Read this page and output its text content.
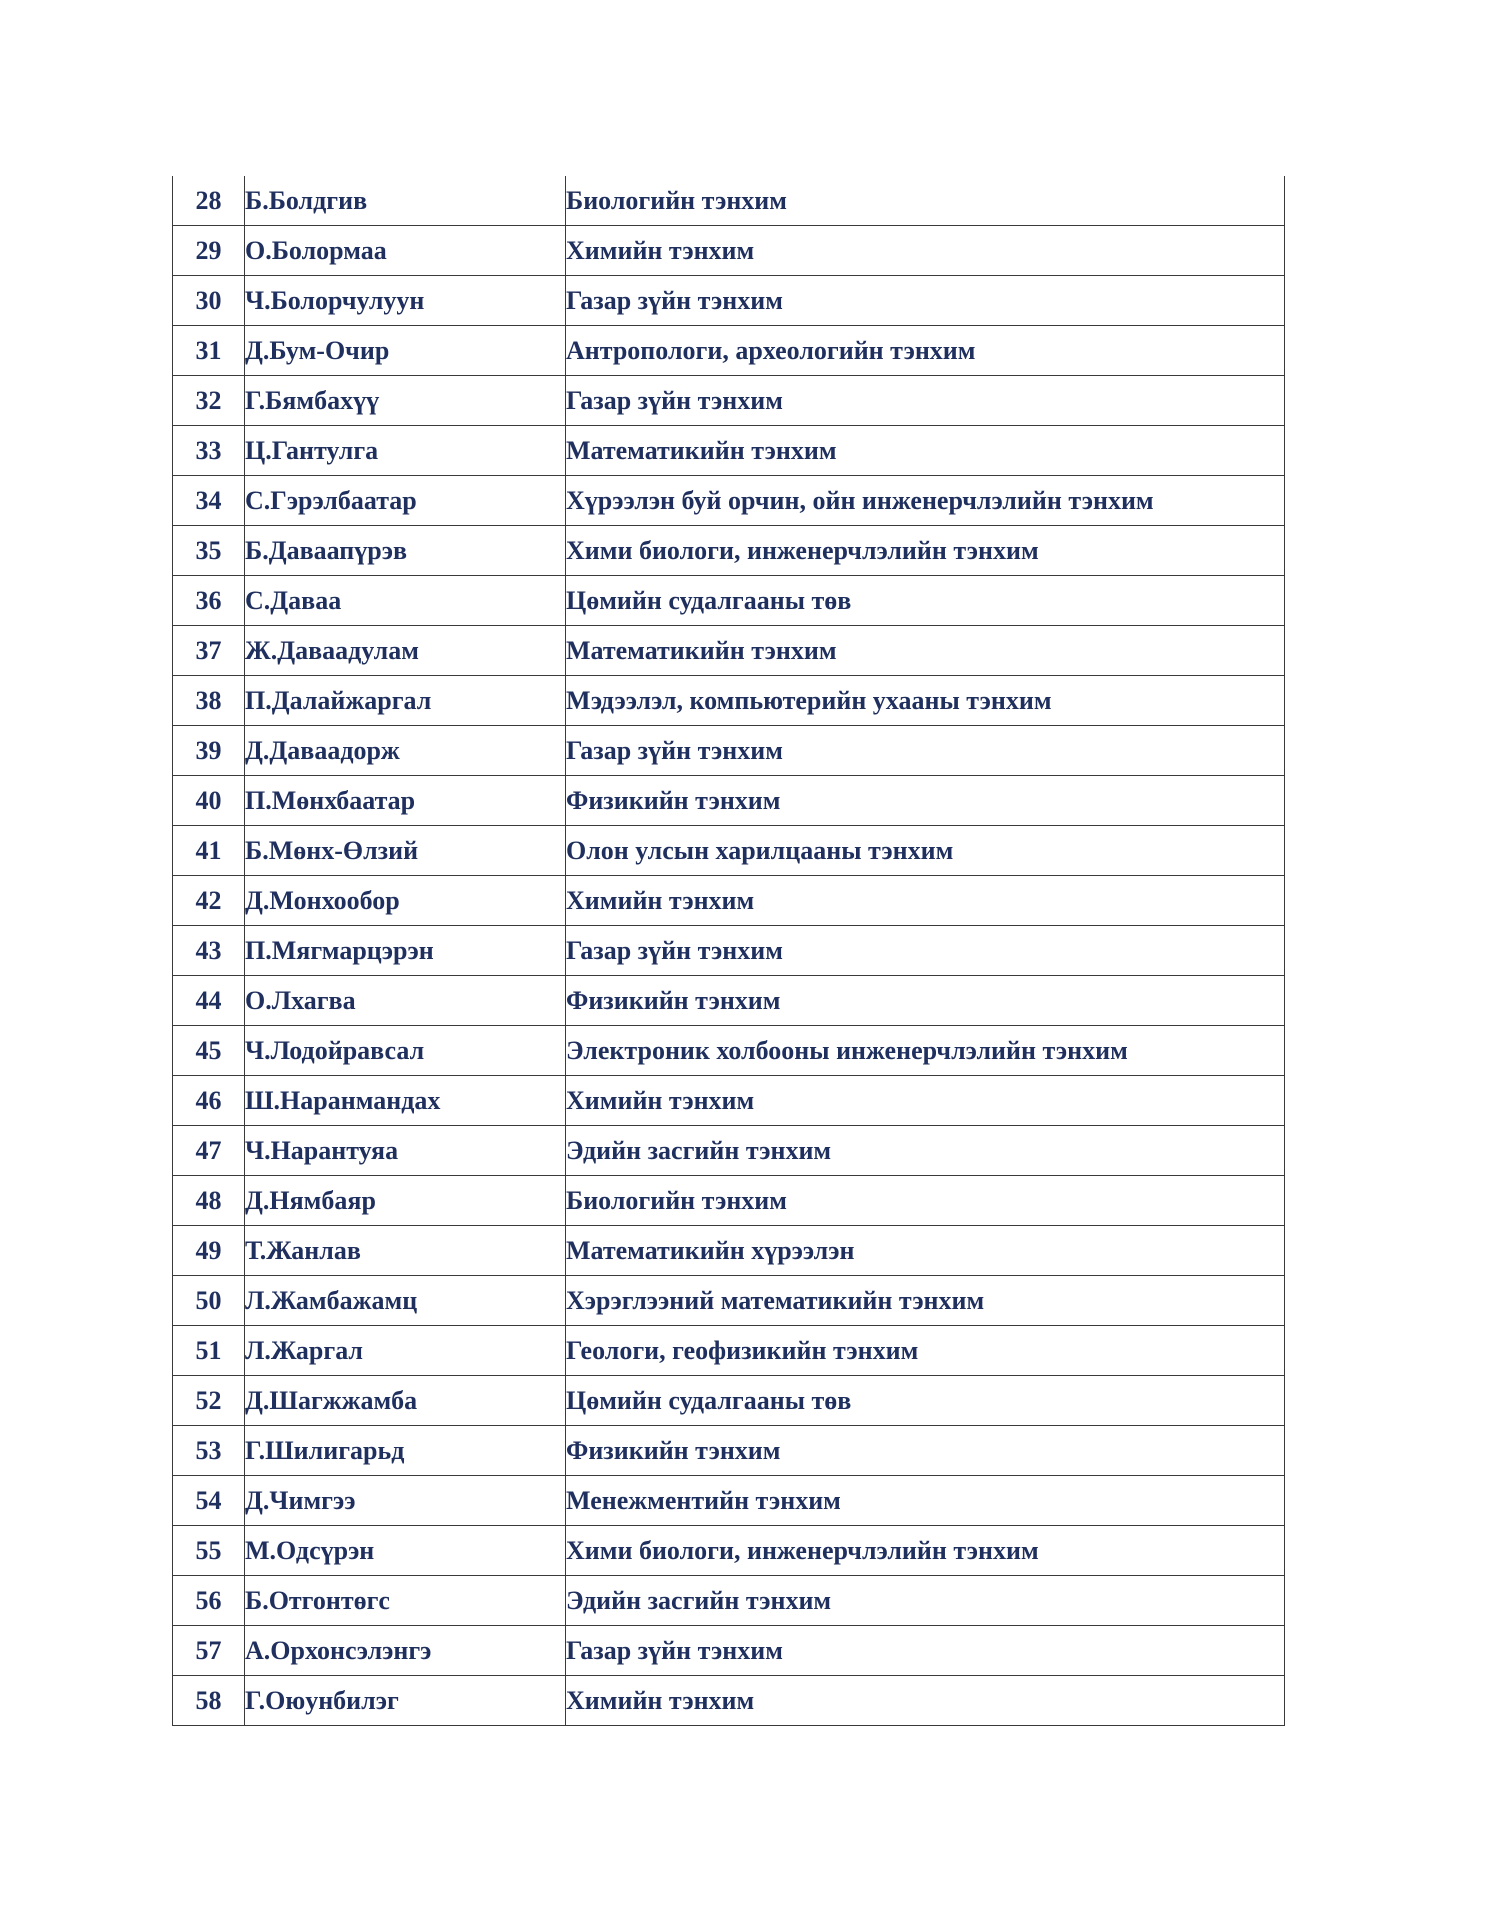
28	Б.Болдгив	Биологийн тэнхим
29	О.Болормаа	Химийн тэнхим
30	Ч.Болорчулуун	Газар зүйн тэнхим
31	Д.Бум-Очир	Антропологи, археологийн тэнхим
32	Г.Бямбахүү	Газар зүйн тэнхим
33	Ц.Гантулга	Математикийн тэнхим
34	С.Гэрэлбаатар	Хүрээлэн буй орчин, ойн инженерчлэлийн тэнхим
35	Б.Даваапүрэв	Хими биологи, инженерчлэлийн тэнхим
36	С.Даваа	Цөмийн судалгааны төв
37	Ж.Даваадулам	Математикийн тэнхим
38	П.Далайжаргал	Мэдээлэл, компьютерийн ухааны тэнхим
39	Д.Даваадорж	Газар зүйн тэнхим
40	П.Мөнхбаатар	Физикийн тэнхим
41	Б.Мөнх-Өлзий	Олон улсын харилцааны тэнхим
42	Д.Монхообор	Химийн тэнхим
43	П.Мягмарцэрэн	Газар зүйн тэнхим
44	О.Лхагва	Физикийн тэнхим
45	Ч.Лодойравсал	Электроник холбооны инженерчлэлийн тэнхим
46	Ш.Наранмандах	Химийн тэнхим
47	Ч.Нарантуяа	Эдийн засгийн тэнхим
48	Д.Нямбаяр	Биологийн тэнхим
49	Т.Жанлав	Математикийн хүрээлэн
50	Л.Жамбажамц	Хэрэглээний математикийн тэнхим
51	Л.Жаргал	Геологи, геофизикийн тэнхим
52	Д.Шагжжамба	Цөмийн судалгааны төв
53	Г.Шилигарьд	Физикийн тэнхим
54	Д.Чимгээ	Менежментийн тэнхим
55	М.Одсүрэн	Хими биологи, инженерчлэлийн тэнхим
56	Б.Отгонтөгс	Эдийн засгийн тэнхим
57	А.Орхонсэлэнгэ	Газар зүйн тэнхим
58	Г.Оюунбилэг	Химийн тэнхим
